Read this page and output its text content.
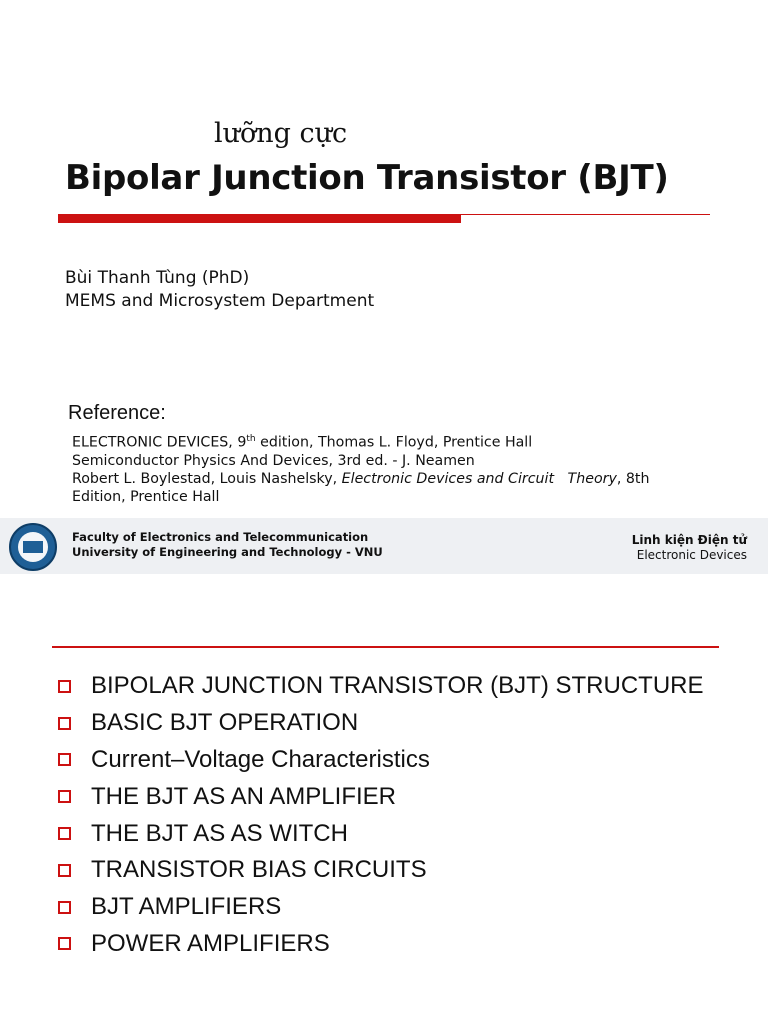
lưỡng cực
Bipolar Junction Transistor (BJT)
Bùi Thanh Tùng (PhD)
MEMS and Microsystem Department
Reference:
ELECTRONIC DEVICES, 9th edition, Thomas L. Floyd, Prentice Hall
Semiconductor Physics And Devices, 3rd ed. - J. Neamen
Robert L. Boylestad, Louis Nashelsky, Electronic Devices and Circuit   Theory, 8th
Edition, Prentice Hall
Faculty of Electronics and Telecommunication
University of Engineering and Technology - VNU
Linh kiện Điện tử
Electronic Devices
BIPOLAR JUNCTION TRANSISTOR (BJT) STRUCTURE
BASIC BJT OPERATION
Current–Voltage Characteristics
THE BJT AS AN AMPLIFIER
THE BJT AS AS WITCH
TRANSISTOR BIAS CIRCUITS
BJT AMPLIFIERS
POWER AMPLIFIERS
